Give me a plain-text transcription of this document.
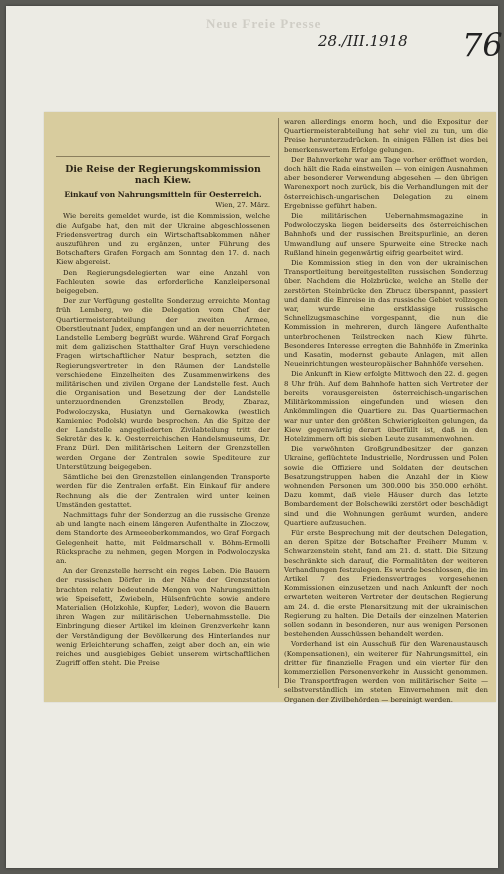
Neue Freie Presse
28./III.1918 76
Die Reise der Regierungskommission nach Kiew.
Einkauf von Nahrungsmitteln für Oesterreich.
Wien, 27. März.

Wie bereits gemeldet wurde, ist die Kommission, welche die Aufgabe hat, den mit der Ukraine abgeschlossenen Friedensvertrag durch ein Wirtschaftsabkommen näher auszuführen und zu ergänzen, unter Führung des Botschafters Grafen Forgach am Sonntag den 17. d. nach Kiew abgereist.

Den Regierungsdelegierten war eine Anzahl von Fachleuten sowie das erforderliche Kanzleipersonal beigegeben.

Der zur Verfügung gestellte Sonderzug erreichte Montag früh Lemberg, wo die Delegation vom Chef der Quartiermeisterabteilung der zweiten Armee, Oberstleutnant Judex, empfangen und an der neuerrichteten Landstelle Lemberg begrüßt wurde. Während Graf Forgach mit dem galizischen Statthalter Graf Huyn verschiedene Fragen wirtschaftlicher Natur besprach, setzten die Regierungsvertreter in den Räumen der Landstelle verschiedene Einzelheiten des Zusammenwirkens des militärischen und zivilen Organe der Landstelle fest. Auch die Organisation und Besetzung der der Landstelle unterzuordnenden Grenzstellen Brody, Zbaraz, Podwoloczyska, Husiatyn und Gernakowka (westlich Kamieniec Podolsk) wurde besprochen. An die Spitze der der Landstelle angegliederten Zivilabteilung tritt der Sekretär des k. k. Oesterreichischen Handelsmuseums, Dr. Franz Dürl. Den militärischen Leitern der Grenzstellen werden Organe der Zentralen sowie Spediteure zur Unterstützung beigegeben.

Sämtliche bei den Grenzstellen einlangenden Transporte werden für die Zentralen erfaßt. Ein Einkauf für andere Rechnung als die der Zentralen wird unter keinen Umständen gestattet.

Nachmittags fuhr der Sonderzug an die russische Grenze ab und langte nach einem längeren Aufenthalte in Zloczow, dem Standorte des Armeeoberkommandos, wo Graf Forgach Gelegenheit hatte, mit Feldmarschall v. Böhm-Ermolli Rücksprache zu nehmen, gegen Morgen in Podwoloczyska an.

An der Grenzstelle herrscht ein reges Leben. Die Bauern der russischen Dörfer in der Nähe der Grenzstation brachten relativ bedeutende Mengen von Nahrungsmitteln wie Speisefett, Zwiebeln, Hülsenfrüchte sowie andere Materialien (Holzkohle, Kupfer, Leder), wovon die Bauern ihren Wagen zur militärischen Uebernahmsstelle. Die Einbringung dieser Artikel im kleinen Grenzverkehr kann der Verständigung der Bevölkerung des Hinterlandes nur wenig Erleichterung schaffen, zeigt aber doch an, ein wie reiches und ausgiebiges Gebiet unserem wirtschaftlichen Zugriff offen steht. Die Preise

waren allerdings enorm hoch, und die Expositur der Quartiermeisterabteilung hat sehr viel zu tun, um die Preise herunterzudrücken. In einigen Fällen ist dies bei bemerkenswertem Erfolge gelungen.

Der Bahnverkehr war am Tage vorher eröffnet worden, doch hält die Rada einstweilen — von einigen Ausnahmen aber besonderer Verwendung abgesehen — den übrigen Warenexport noch zurück, bis die Verhandlungen mit der österreichisch-ungarischen Delegation zu einem Ergebnisse geführt haben.

Die militärischen Uebernahmsmagazine in Podwoloczyska liegen beiderseits des österreichischen Bahnhofs und der russischen Breitspurlinie, an deren Umwandlung auf unsere Spurweite eine Strecke nach Rußland hinein gegenwärtig eifrig gearbeitet wird.

Die Kommission stieg in den von der ukrainischen Transportleitung bereitgestellten russischen Sonderzug über. Nachdem die Holzbrücke, welche an Stelle der zerstörten Steinbrücke den Zbrucz überspannt, passiert und damit die Einreise in das russische Gebiet vollzogen war, wurde eine erstklassige russische Schnellzugsmaschine vorgespannt, die nun die Kommission in mehreren, durch längere Aufenthalte unterbrochenen Teilstrecken nach Kiew führte. Besonderes Interesse erregten die Bahnhöfe in Zmerinka und Kasatin, modernst gebaute Anlagen, mit allen Neueinrichtungen westeuropäischer Bahnhöfe versehen.

Die Ankunft in Kiew erfolgte Mittwoch den 22. d. gegen 8 Uhr früh. Auf dem Bahnhofe hatten sich Vertreter der bereits vorausgereisten österreichisch-ungarischen Militärkommission eingefunden und wiesen den Ankömmlingen die Quartiere zu. Das Quartiermachen war nur unter den größten Schwierigkeiten gelungen, da Kiew gegenwärtig derart überfüllt ist, daß in den Hotelzimmern oft bis sieben Leute zusammenwohnen.

Die verwöhnten Großgrundbesitzer der ganzen Ukraine, geflüchtete Industrielle, Nordrussen und Polen sowie die Offiziere und Soldaten der deutschen Besatzungstruppen haben die Anzahl der in Kiew wohnenden Personen um 300.000 bis 350.000 erhöht. Dazu kommt, daß viele Häuser durch das letzte Bombardement der Bolschewiki zerstört oder beschädigt sind und die Wohnungen geräumt wurden, andere Quartiere aufzusuchen.

Für erste Besprechung mit der deutschen Delegation, an deren Spitze der Botschafter Freiherr Mumm v. Schwarzenstein steht, fand am 21. d. statt. Die Sitzung beschränkte sich darauf, die Formalitäten der weiteren Verhandlungen festzulegen. Es wurde beschlossen, die im Artikel 7 des Friedensvertrages vorgesehenen Kommissionen einzusetzen und nach Ankunft der noch erwarteten weiteren Vertreter der deutschen Regierung am 24. d. die erste Plenarsitzung mit der ukrainischen Regierung zu halten. Die Details der einzelnen Materien sollen sodann in besonderen, nur aus wenigen Personen bestehenden Ausschüssen behandelt werden.

Vorderhand ist ein Ausschuß für den Warenaustausch (Kompensationen), ein weiterer für Nahrungsmittel, ein dritter für finanzielle Fragen und ein vierter für den kommerziellen Personenverkehr in Aussicht genommen. Die Transportfragen werden von militärischer Seite — selbstverständlich im steten Einvernehmen mit den Organen der Zivilbehörden — bereinigt werden.
